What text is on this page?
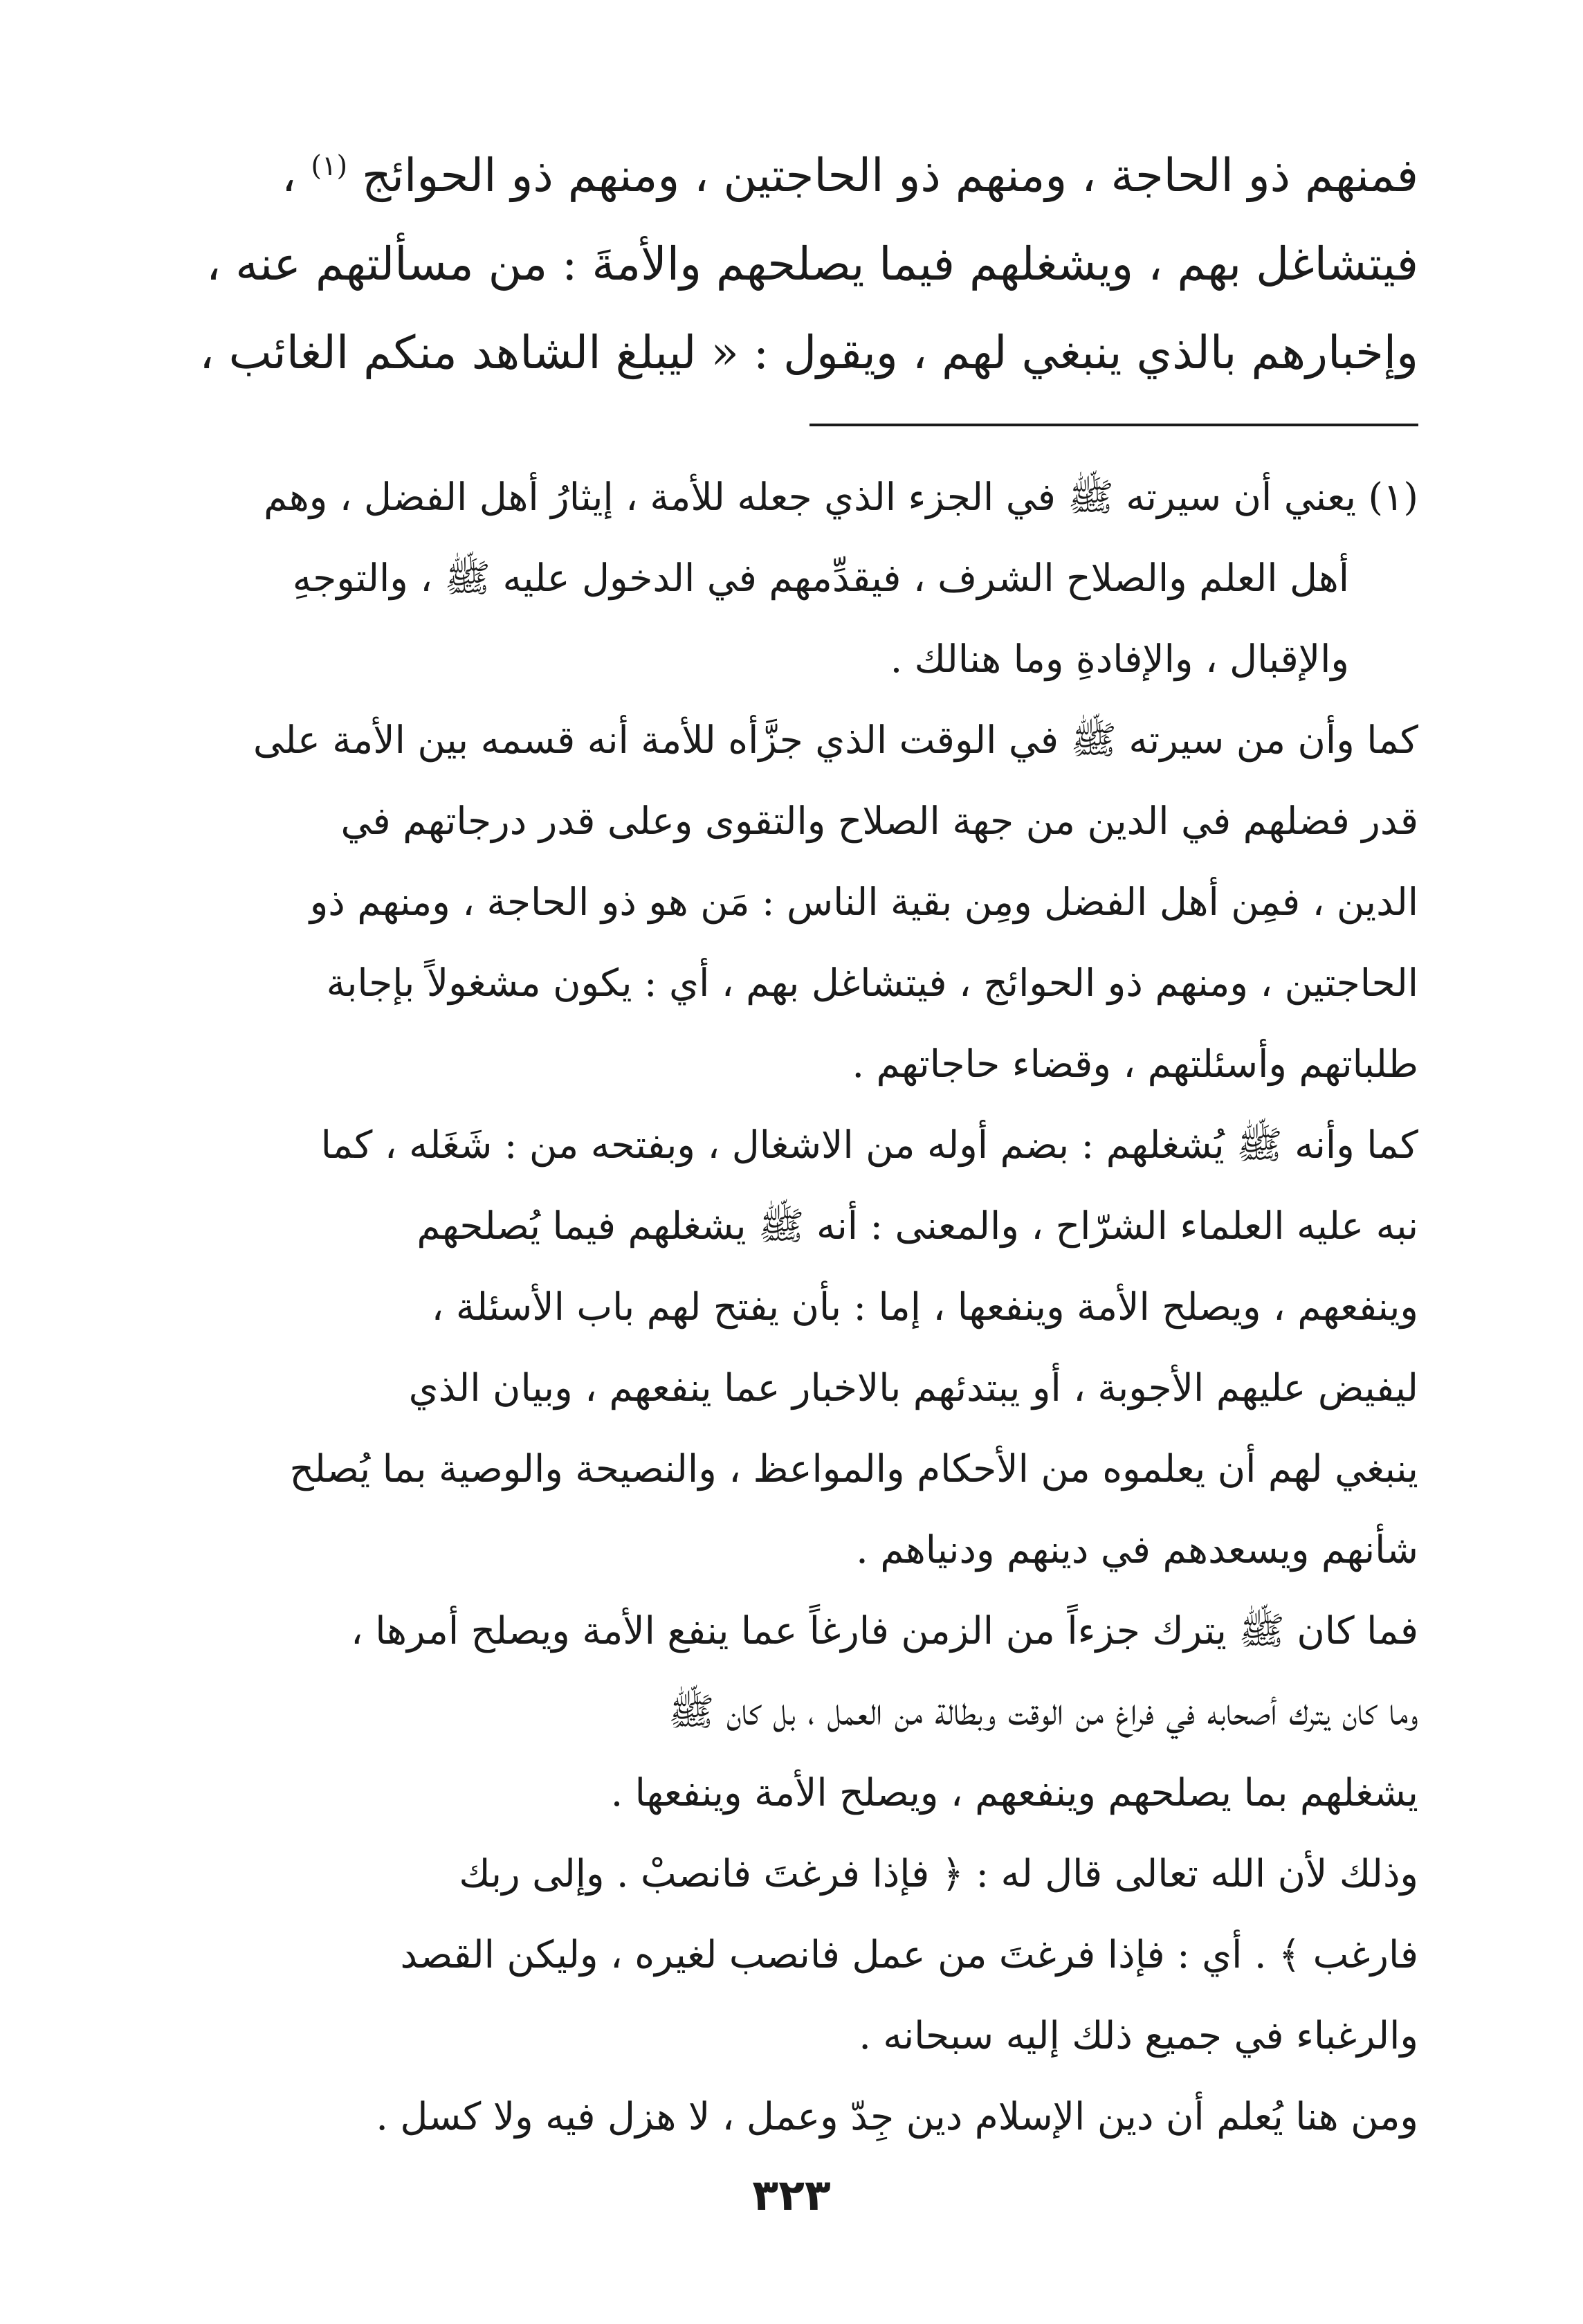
فمنهم ذو الحاجة ، ومنهم ذو الحاجتين ، ومنهم ذو الحوائج $^{(١)}$ ،
فيتشاغل بهم ، ويشغلهم فيما يصلحهم والأمةَ : من مسألتهم عنه ،
وإخبارهم بالذي ينبغي لهم ، ويقول : « ليبلغ الشاهد منكم الغائب ،
(١) يعني أن سيرته ﷺ في الجزء الذي جعله للأمة ، إيثارُ أهل الفضل ، وهم
أهل العلم والصلاح الشرف ، فيقدِّمهم في الدخول عليه ﷺ ، والتوجهِ
والإقبال ، والإفادةِ وما هنالك .
كما وأن من سيرته ﷺ في الوقت الذي جزَّأه للأمة أنه قسمه بين الأمة على
قدر فضلهم في الدين من جهة الصلاح والتقوى وعلى قدر درجاتهم في
الدين ، فمِن أهل الفضل ومِن بقية الناس : مَن هو ذو الحاجة ، ومنهم ذو
الحاجتين ، ومنهم ذو الحوائج ، فيتشاغل بهم ، أي : يكون مشغولاً بإجابة
طلباتهم وأسئلتهم ، وقضاء حاجاتهم .
كما وأنه ﷺ يُشغلهم : بضم أوله من الاشغال ، وبفتحه من : شَغَله ، كما
نبه عليه العلماء الشرّاح ، والمعنى : أنه ﷺ يشغلهم فيما يُصلحهم
وينفعهم ، ويصلح الأمة وينفعها ، إما : بأن يفتح لهم باب الأسئلة ،
ليفيض عليهم الأجوبة ، أو يبتدئهم بالاخبار عما ينفعهم ، وبيان الذي
ينبغي لهم أن يعلموه من الأحكام والمواعظ ، والنصيحة والوصية بما يُصلح
شأنهم ويسعدهم في دينهم ودنياهم .
فما كان ﷺ يترك جزءاً من الزمن فارغاً عما ينفع الأمة ويصلح أمرها ،
وما كان يترك أصحابه في فراغ من الوقت وبطالة من العمل ، بل كان ﷺ
يشغلهم بما يصلحهم وينفعهم ، ويصلح الأمة وينفعها .
وذلك لأن الله تعالى قال له : ﴿ فإذا فرغتَ فانصبْ . وإلى ربك
فارغب ﴾ . أي : فإذا فرغتَ من عمل فانصب لغيره ، وليكن القصد
والرغباء في جميع ذلك إليه سبحانه .
ومن هنا يُعلم أن دين الإسلام دين جِدّ وعمل ، لا هزل فيه ولا كسل .
٣٢٣
